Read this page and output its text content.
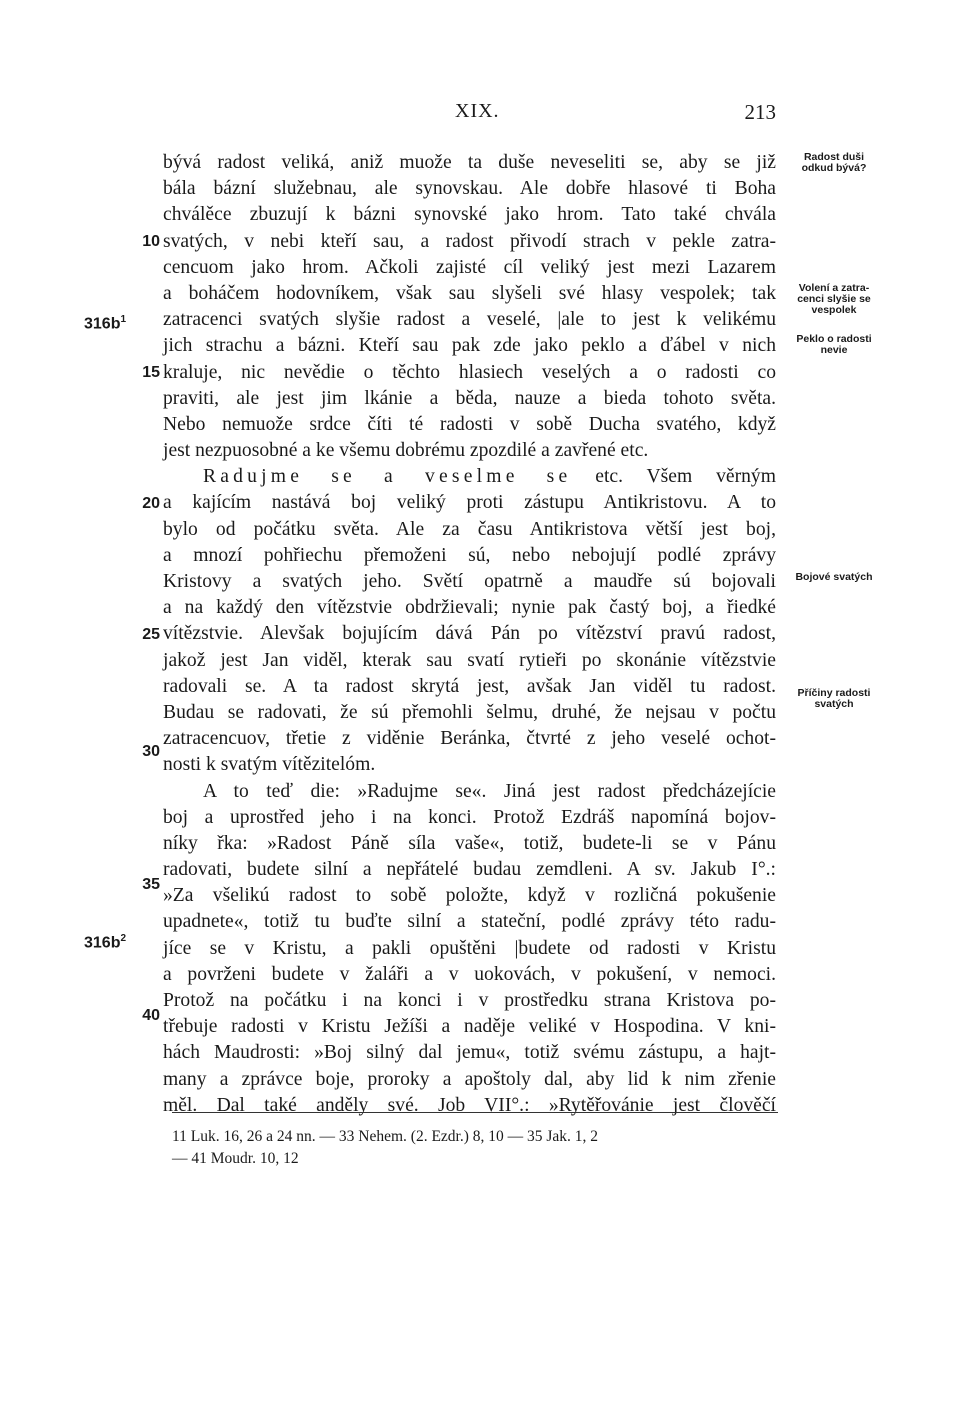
XIX.	213
bývá radost veliká, aniž muože ta duše neveseliti se, aby se již
bála bázní služebnau, ale synovskau. Ale dobře hlasové ti Boha
chválěce zbuzují k bázni synovské jako hrom. Tato také chvála
svatých, v nebi kteří sau, a radost přivodí strach v pekle zatra-
cencuom jako hrom. Ačkoli zajisté cíl veliký jest mezi Lazarem
a boháčem hodovníkem, však sau slyšeli své hlasy vespolek; tak
zatracenci svatých slyšie radost a veselé, |ale to jest k velikému
jich strachu a bázni. Kteří sau pak zde jako peklo a ďábel v nich
kraluje, nic nevědie o těchto hlasiech veselých a o radosti co
praviti, ale jest jim lkánie a běda, nauze a bieda tohoto světa.
Nebo nemuože srdce číti té radosti v sobě Ducha svatého, když
jest nezpuosobné a ke všemu dobrému zpozdilé a zavřené etc.
Radujme se a veselme se etc. Všem věrným
a kajícím nastává boj veliký proti zástupu Antikristovu. A to
bylo od počátku světa. Ale za času Antikristova větší jest boj,
a mnozí pohřiechu přemoženi sú, nebo nebojují podlé zprávy
Kristovy a svatých jeho. Světí opatrně a maudře sú bojovali
a na každý den vítězstvie obdržievali; nynie pak častý boj, a řiedké
vítězstvie. Alevšak bojujícím dává Pán po vítězství pravú radost,
jakož jest Jan viděl, kterak sau svatí rytieři po skonánie vítězstvie
radovali se. A ta radost skrytá jest, avšak Jan viděl tu radost.
Budau se radovati, že sú přemohli šelmu, druhé, že nejsau v počtu
zatracencuov, třetie z viděnie Beránka, čtvrté z jeho veselé ochot-
nosti k svatým vítězitelóm.
A to teď die: »Radujme se«. Jiná jest radost předcházejície
boj a uprostřed jeho i na konci. Protož Ezdráš napomíná bojov-
níky řka: »Radost Páně síla vaše«, totiž, budete-li se v Pánu
radovati, budete silní a nepřátelé budau zemdleni. A sv. Jakub I°.:
»Za všelikú radost to sobě položte, když v rozličná pokušenie
upadnete«, totiž tu buďte silní a stateční, podlé zprávy této radu-
jíce se v Kristu, a pakli opuštěni |budete od radosti v Kristu
a povrženi budete v žaláři a v uokovách, v pokušení, v nemoci.
Protož na počátku i na konci i v prostředku strana Kristova po-
třebuje radosti v Kristu Ježíši a naděje veliké v Hospodina. V kni-
hách Maudrosti: »Boj silný dal jemu«, totiž svému zástupu, a hajt-
many a zprávce boje, proroky a apoštoly dal, aby lid k nim zřenie
měl. Dal také anděly své. Job VII°.: »Rytěřovánie jest člověčí
10
15
20
25
30
35
40
$316b^1$
$316b^2$
Radost duši
odkud bývá?
Volení a zatra-
cenci slyšie se
vespolek
Peklo o radosti
nevie
Bojové svatých
Příčiny radosti
svatých
11 Luk. 16, 26 a 24 nn. — 33 Nehem. (2. Ezdr.) 8, 10 — 35 Jak. 1, 2
— 41 Moudr. 10, 12
